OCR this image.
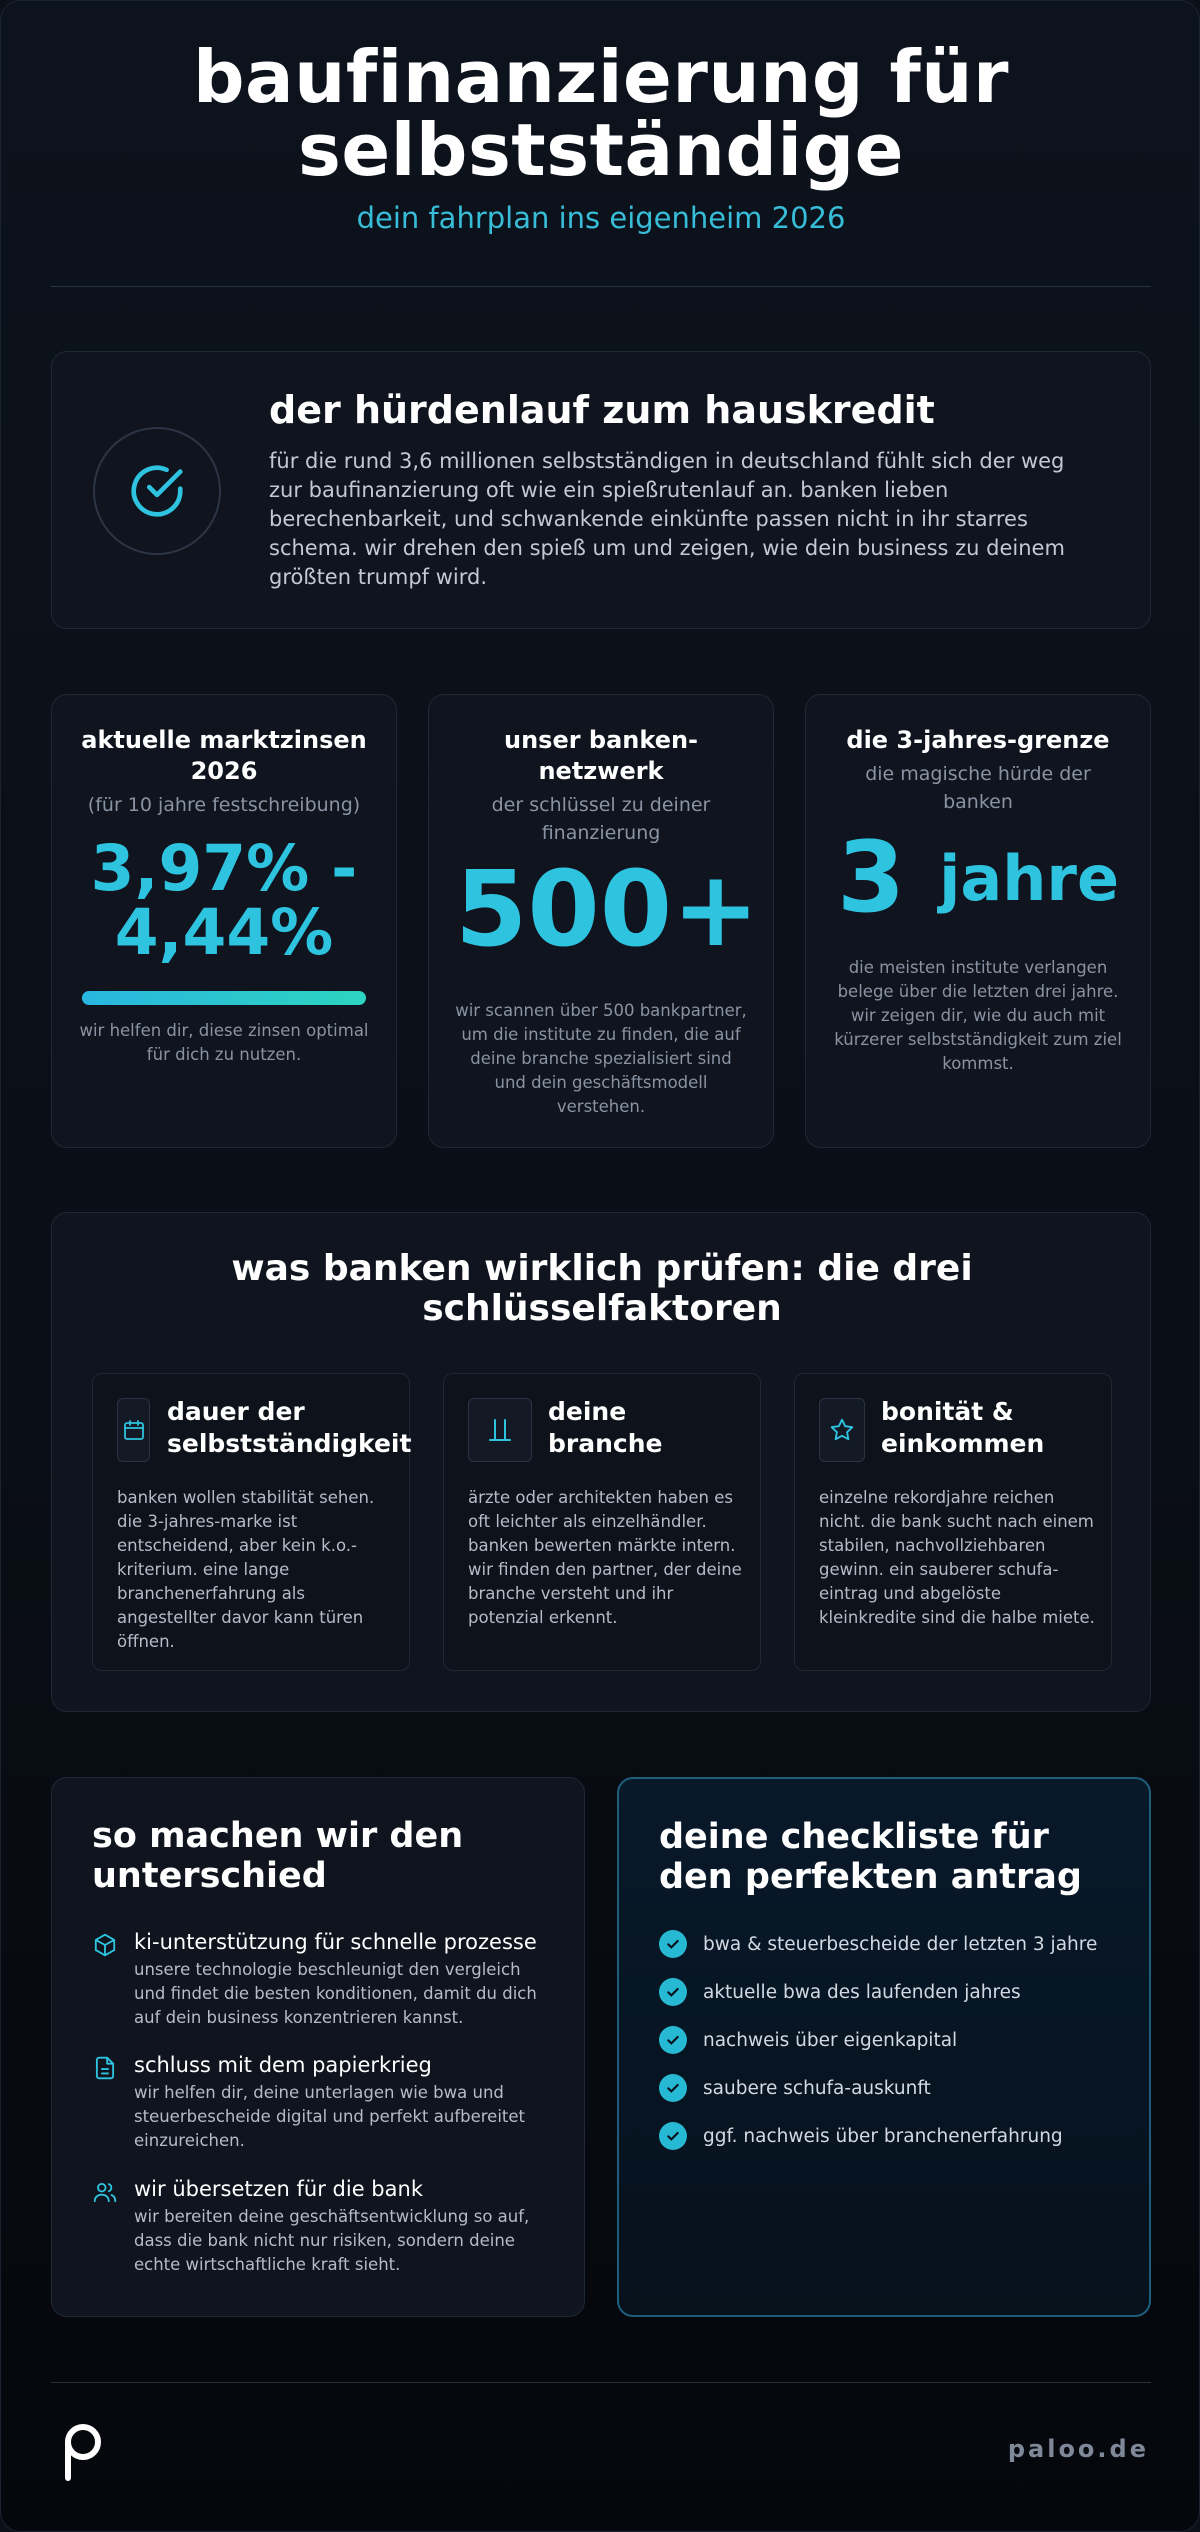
baufinanzierung für
selbstständige
dein fahrplan ins eigenheim 2026
der hürdenlauf zum hauskredit
für die rund 3,6 millionen selbstständigen in deutschland fühlt sich der weg zur baufinanzierung oft wie ein spießrutenlauf an. banken lieben berechenbarkeit, und schwankende einkünfte passen nicht in ihr starres schema. wir drehen den spieß um und zeigen, wie dein business zu deinem größten trumpf wird.
aktuelle marktzinsen 2026
(für 10 jahre festschreibung)
3,97% -
4,44%
wir helfen dir, diese zinsen optimal für dich zu nutzen.
unser banken-netzwerk
der schlüssel zu deiner finanzierung
500+
wir scannen über 500 bankpartner, um die institute zu finden, die auf deine branche spezialisiert sind und dein geschäftsmodell verstehen.
die 3-jahres-grenze
die magische hürde der banken
3 jahre
die meisten institute verlangen belege über die letzten drei jahre. wir zeigen dir, wie du auch mit kürzerer selbstständigkeit zum ziel kommst.
was banken wirklich prüfen: die drei schlüsselfaktoren
dauer der
selbstständigkeit
banken wollen stabilität sehen. die 3-jahres-marke ist entscheidend, aber kein k.o.-kriterium. eine lange branchenerfahrung als angestellter davor kann türen öffnen.
deine
branche
ärzte oder architekten haben es oft leichter als einzelhändler. banken bewerten märkte intern. wir finden den partner, der deine branche versteht und ihr potenzial erkennt.
bonität &
einkommen
einzelne rekordjahre reichen nicht. die bank sucht nach einem stabilen, nachvollziehbaren gewinn. ein sauberer schufa-eintrag und abgelöste kleinkredite sind die halbe miete.
so machen wir den
unterschied
ki-unterstützung für schnelle prozesse
unsere technologie beschleunigt den vergleich und findet die besten konditionen, damit du dich auf dein business konzentrieren kannst.
schluss mit dem papierkrieg
wir helfen dir, deine unterlagen wie bwa und steuerbescheide digital und perfekt aufbereitet einzureichen.
wir übersetzen für die bank
wir bereiten deine geschäftsentwicklung so auf, dass die bank nicht nur risiken, sondern deine echte wirtschaftliche kraft sieht.
deine checkliste für
den perfekten antrag
bwa & steuerbescheide der letzten 3 jahre
aktuelle bwa des laufenden jahres
nachweis über eigenkapital
saubere schufa-auskunft
ggf. nachweis über branchenerfahrung
paloo.de
